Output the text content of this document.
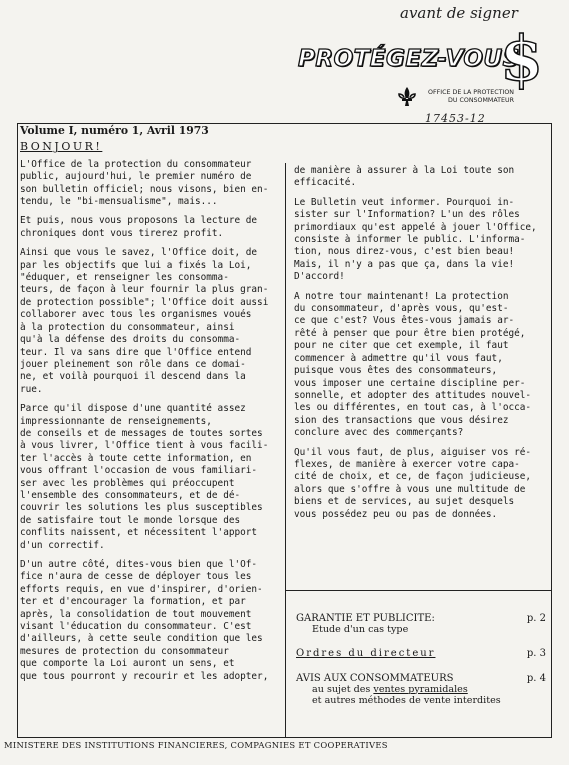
avant de signer
PROTÉGEZ-VOUS
$
OFFICE DE LA PROTECTION DU CONSOMMATEUR
17453-12
Volume I, numéro 1, Avril 1973
BONJOUR!

L'Office de la protection du consommateur
public, aujourd'hui, le premier numéro de
son bulletin officiel; nous visons, bien en-
tendu, le "bi-mensualisme", mais...

Et puis, nous vous proposons la lecture de
chroniques dont vous tirerez profit.

Ainsi que vous le savez, l'Office doit, de
par les objectifs que lui a fixés la Loi,
"éduquer, et renseigner les consomma-
teurs, de façon à leur fournir la plus gran-
de protection possible"; l'Office doit aussi
collaborer avec tous les organismes voués
à la protection du consommateur, ainsi
qu'à la défense des droits du consomma-
teur. Il va sans dire que l'Office entend
jouer pleinement son rôle dans ce domai-
ne, et voilà pourquoi il descend dans la
rue.

Parce qu'il dispose d'une quantité assez
impressionnante de renseignements,
de conseils et de messages de toutes sortes
à vous livrer, l'Office tient à vous facili-
ter l'accès à toute cette information, en
vous offrant l'occasion de vous familiari-
ser avec les problèmes qui préoccupent
l'ensemble des consommateurs, et de dé-
couvrir les solutions les plus susceptibles
de satisfaire tout le monde lorsque des
conflits naissent, et nécessitent l'apport
d'un correctif.

D'un autre côté, dites-vous bien que l'Of-
fice n'aura de cesse de déployer tous les
efforts requis, en vue d'inspirer, d'orien-
ter et d'encourager la formation, et par
après, la consolidation de tout mouvement
visant l'éducation du consommateur. C'est
d'ailleurs, à cette seule condition que les
mesures de protection du consommateur
que comporte la Loi auront un sens, et
que tous pourront y recourir et les adopter,

de manière à assurer à la Loi toute son
efficacité.

Le Bulletin veut informer. Pourquoi in-
sister sur l'Information? L'un des rôles
primordiaux qu'est appelé à jouer l'Office,
consiste à informer le public. L'informa-
tion, nous direz-vous, c'est bien beau!
Mais, il n'y a pas que ça, dans la vie!
D'accord!

A notre tour maintenant! La protection
du consommateur, d'après vous, qu'est-
ce que c'est? Vous êtes-vous jamais ar-
rêté à penser que pour être bien protégé,
pour ne citer que cet exemple, il faut
commencer à admettre qu'il vous faut,
puisque vous êtes des consommateurs,
vous imposer une certaine discipline per-
sonnelle, et adopter des attitudes nouvel-
les ou différentes, en tout cas, à l'occa-
sion des transactions que vous désirez
conclure avec des commerçants?

Qu'il vous faut, de plus, aiguiser vos ré-
flexes, de manière à exercer votre capa-
cité de choix, et ce, de façon judicieuse,
alors que s'offre à vous une multitude de
biens et de services, au sujet desquels
vous possédez peu ou pas de données.

GARANTIE ET PUBLICITE:
Etude d'un cas type
p. 2
Ordres du directeur	p. 3
AVIS AUX CONSOMMATEURS
au sujet des ventes pyramidales
et autres méthodes de vente interdites
p. 4
MINISTERE DES INSTITUTIONS FINANCIERES, COMPAGNIES ET COOPERATIVES
